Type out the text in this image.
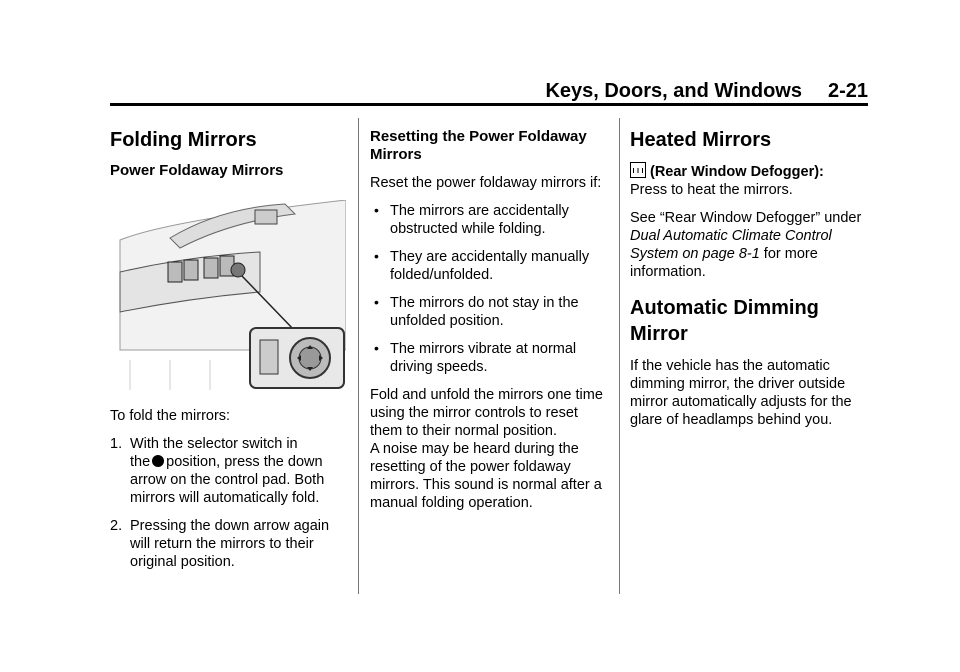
Keys, Doors, and Windows 2-21
Folding Mirrors
Power Foldaway Mirrors

To fold the mirrors:

1. With the selector switch in
the position, press the down arrow on the control pad. Both mirrors will automatically fold.
2. Pressing the down arrow again will return the mirrors to their original position.
Resetting the Power Foldaway Mirrors

Reset the power foldaway mirrors if:

• The mirrors are accidentally obstructed while folding.
• They are accidentally manually folded/unfolded.
• The mirrors do not stay in the unfolded position.
• The mirrors vibrate at normal driving speeds.

Fold and unfold the mirrors one time using the mirror controls to reset them to their normal position.

A noise may be heard during the resetting of the power foldaway mirrors. This sound is normal after a manual folding operation.

Heated Mirrors

(Rear Window Defogger):
Press to heat the mirrors.

See “Rear Window Defogger” under Dual Automatic Climate Control System on page 8-1 for more information.

Automatic Dimming Mirror

If the vehicle has the automatic dimming mirror, the driver outside mirror automatically adjusts for the glare of headlamps behind you.
